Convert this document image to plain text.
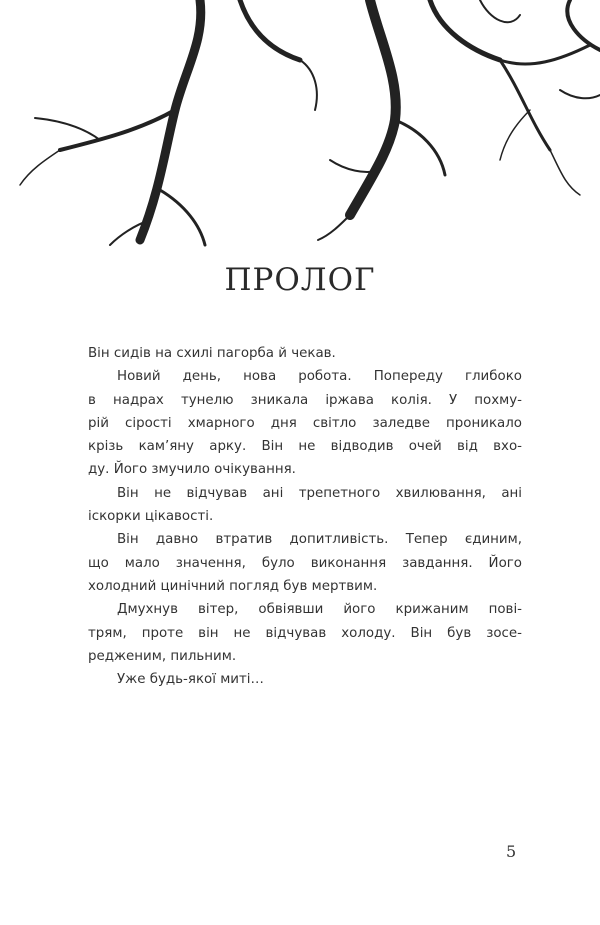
ПРОЛОГ
Він сидів на схилі пагорба й чекав.
Новий день, нова робота. Попереду глибоко
в надрах тунелю зникала іржава колія. У похму-
рій сірості хмарного дня світло заледве проникало
крізь кам’яну арку. Він не відводив очей від вхо-
ду. Його змучило очікування.
Він не відчував ані трепетного хвилювання, ані
іскорки цікавості.
Він давно втратив допитливість. Тепер єдиним,
що мало значення, було виконання завдання. Його
холодний цинічний погляд був мертвим.
Дмухнув вітер, обвіявши його крижаним пові-
трям, проте він не відчував холоду. Він був зосе-
редженим, пильним.
Уже будь-якої миті…
5
